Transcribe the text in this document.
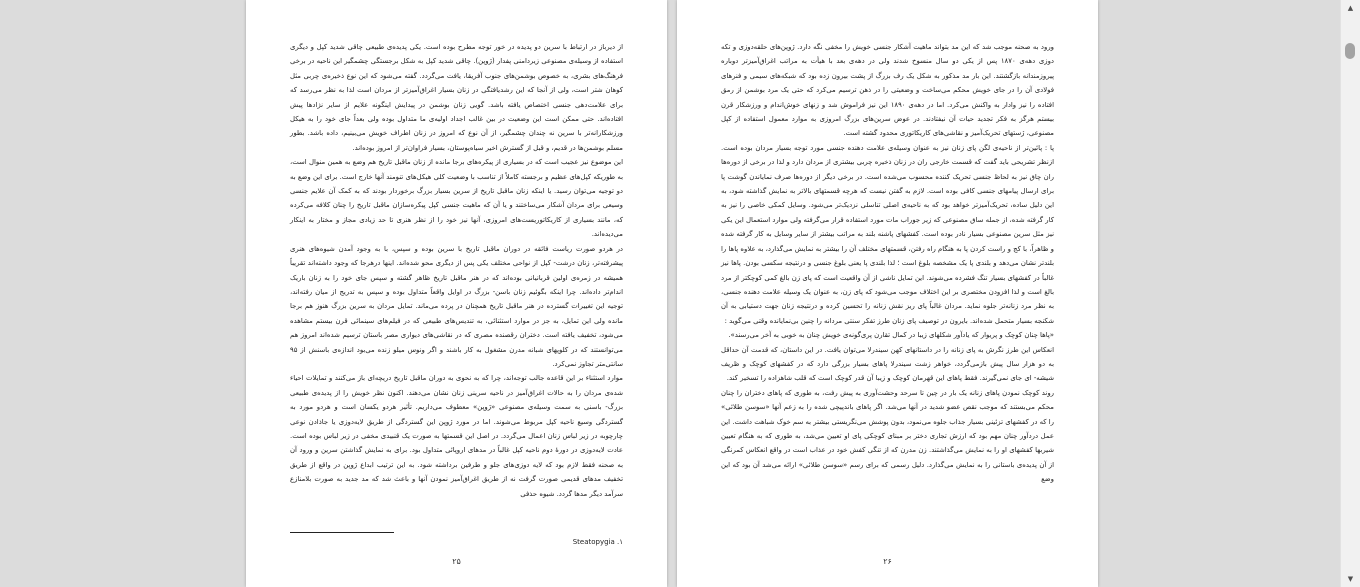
از دیرباز در ارتباط با سرین دو پدیده در خور توجه مطرح بوده است. یکی پدیده‌ی طبیعی چاقی شدید کپل و دیگری استفاده از وسیله‌ی مصنوعی زیردامنی پفدار (ژوپن). چاقی شدید کپل به شکل برجستگی چشمگیر این ناحیه در برخی فرهنگ‌های بشری، به خصوص بوشمن‌های جنوب آفریقا، یافت می‌گردد. گفته می‌شود که این نوع ذخیره‌ی چربی مثل کوهان شتر است، ولی از آنجا که این رشدیافتگی در زنان بسیار اغراق‌آمیزتر از مردان است لذا به نظر می‌رسد که برای علامت‌دهی جنسی اختصاص یافته باشد. گویی زنان بوشمن در پیدایش اینگونه علایم از سایر نژادها پیش افتاده‌اند. حتی ممکن است این وضعیت در بین غالب اجداد اولیه‌ی ما متداول بوده ولی بعداً جای خود را به هیکل ورزشکارانه‌تر با سرین نه چندان چشمگیر، از آن نوع که امروز در زنان اطراف خویش می‌بینیم، داده باشد. بطور مسلم بوشمن‌ها در قدیم، و قبل از گسترش اخیر سیاه‌پوستان، بسیار فراوان‌تر از امروز بوده‌اند.

این موضوع نیز عجیب است که در بسیاری از پیکره‌های برجا مانده از زنان ماقبل تاریخ هم وضع به همین منوال است، به طوریکه کپل‌های عظیم و برجسته کاملاً از تناسب با وضعیت کلی هیکل‌های تنومند آنها خارج است. برای این وضع به دو توجیه می‌توان رسید. یا اینکه زنان ماقبل تاریخ از سرین بسیار بزرگ برخوردار بودند که به کمک آن علایم جنسی وسیعی برای مردان آشکار می‌ساختند و یا آن که ماهیت جنسی کپل پیکره‌سازان ماقبل تاریخ را چنان کلافه می‌کرده که، مانند بسیاری از کاریکاتوریست‌های امروزی، آنها نیز خود را از نظر هنری تا حد زیادی مجاز و مختار به اینکار می‌دیده‌اند.

در هردو صورت ریاست فائقه در دوران ماقبل تاریخ با سرین بوده و سپس، با به وجود آمدن شیوه‌های هنری پیشرفته‌تر، زنان درشت- کپل از نواحی مختلف یکی پس از دیگری محو شده‌اند. اینها درهرجا که وجود داشته‌اند تقریباً همیشه در زمره‌ی اولین قربانیانی بوده‌اند که در هنر ماقبل تاریخ ظاهر گشته و سپس جای خود را به زنان باریک اندام‌تر داده‌اند. چرا اینکه بگوئیم زنان باسن- بزرگ در اوایل واقعاً متداول بوده و سپس به تدریج از میان رفته‌اند، توجیه این تغییرات گسترده در هنر ماقبل تاریخ همچنان در پرده می‌ماند. تمایل مردان به سرین بزرگ هنوز هم برجا مانده ولی این تمایل، به جز در موارد استثنائی، به تندیس‌های طبیعی که در فیلم‌های سینمائی قرن بیستم مشاهده می‌شود، تخفیف یافته است. دختران رقصنده مصری که در نقاشی‌های دیواری مصر باستان ترسیم شده‌اند امروز هم می‌توانستند که در کلوپهای شبانه مدرن مشغول به کار باشند و اگر ونوس میلو زنده می‌بود اندازه‌ی باسنش از ۹۵ سانتی‌متر تجاوز نمی‌کرد.

موارد استثناء بر این قاعده جالب توجه‌اند، چرا که به نحوی به دوران ماقبل تاریخ دریچه‌ای باز می‌کنند و تمایلات احیاء شده‌ی مردان را به حالات اغراق‌آمیز در ناحیه سرینی زنان نشان می‌دهند. اکنون نظر خویش را از پدیده‌ی طبیعی بزرگ- باسنی به سمت وسیله‌ی مصنوعی «ژوپن» معطوف می‌داریم. تأثیر هردو یکسان است و هردو مورد به گستردگی وسیع ناحیه کپل مربوط می‌شوند. اما در مورد ژوپن این گستردگی از طریق لایه‌دوزی یا جاذادن نوعی چارچوبه در زیر لباس زنان اعمال می‌گردد. در اصل این قسمتها به صورت یک قنبیدی مخفی در زیر لباس بوده است. عادت لایه‌دوزی در دورهٔ دوم ناحیه کپل غالباً در مدهای اروپائی متداول بود. برای به نمایش گذاشتن سرین و ورود آن به صحنه فقط لازم بود که لایه دوزی‌های جلو و طرفین برداشته شود. به این ترتیب ابداع ژوپن در واقع از طریق تخفیف مدهای قدیمی صورت گرفت نه از طریق اغراق‌آمیز نمودن آنها و باعث شد که مد جدید به صورت بلامنازع سرآمد دیگر مدها گردد. شیوه حذفی

۱. Steatopygia
۲۵

ورود به صحنه موجب شد که این مد بتواند ماهیت آشکار جنسی خویش را مخفی نگه دارد. ژوپن‌های حلقه‌دوزی و تکه دوزی دهه‌ی ۱۸۷۰ پس از یکی دو سال منسوخ شدند ولی در دهه‌ی بعد با هیأت به مراتب اغراق‌آمیزتر دوباره پیروزمندانه بازگشتند. این بار مد مذکور به شکل یک رف بزرگ از پشت بیرون زده بود که شبکه‌های سیمی و فنرهای فولادی آن را در جای خویش محکم می‌ساخت و وضعیتی را در ذهن ترسیم می‌کرد که حتی یک مرد بوشمن از رمق افتاده را نیز وادار به واکنش می‌کرد. اما در دهه‌ی ۱۸۹۰ این نیز فراموش شد و زنهای خوش‌اندام و ورزشکار قرن بیستم هرگز به فکر تجدید حیات آن نیفتادند. در عوض سرین‌های بزرگ امروزی به موارد معمول استفاده از کپل مصنوعی، ژستهای تحریک‌آمیز و نقاشی‌های کاریکاتوری محدود گشته است.

پا : پائین‌تر از ناحیه‌ی لگن پای زنان نیز به عنوان وسیله‌ی علامت دهنده جنسی مورد توجه بسیار مردان بوده است. ازنظر تشریحی باید گفت که قسمت خارجی ران در زنان ذخیره چربی بیشتری از مردان دارد و لذا در برخی از دوره‌ها ران چاق نیز به لحاظ جنسی تحریک کننده محسوب می‌شده است. در برخی دیگر از دوره‌ها صرف نمایاندن گوشت پا برای ارسال پیامهای جنسی کافی بوده است. لازم به گفتن نیست که هرچه قسمتهای بالاتر به نمایش گذاشته شود، به این دلیل ساده، تحریک‌آمیزتر خواهد بود که به ناحیه‌ی اصلی تناسلی نزدیک‌تر می‌شود. وسایل کمکی خاصی را نیز به کار گرفته شده، از جمله ساق مصنوعی که زیر جوراب مات مورد استفاده قرار می‌گرفته ولی موارد استعمال این یکی نیز مثل سرین مصنوعی بسیار نادر بوده است. کفشهای پاشنه بلند به مراتب بیشتر از سایر وسایل به کار گرفته شده و ظاهراً، با کج و راست کردن پا به هنگام راه رفتن، قسمتهای مختلف آن را بیشتر به نمایش می‌گذارد، به علاوه پاها را بلندتر نشان می‌دهد و بلندی پا یک مشخصه بلوغ است ؛ لذا بلندی پا یعنی بلوغ جنسی و درنتیجه سکسی بودن. پاها نیز غالباً در کفشهای بسیار تنگ فشرده می‌شوند. این تمایل ناشی از آن واقعیت است که پای زن بالغ کمی کوچکتر از مرد بالغ است و لذا افزودن مختصری بر این اختلاف موجب می‌شود که پای زن، به عنوان یک وسیله علامت دهنده جنسی، به نظر مرد زنانه‌تر جلوه نماید. مردان غالباً پای ریز نقش زنانه را تحسین کرده و درنتیجه زنان جهت دستیابی به آن شکنجه بسیار متحمل شده‌اند. بایرون در توصیف پای زنان طرز تفکر سنتی مردانه را چنین بی‌نمایانده وقتی می‌گوید :

«پاها چنان کوچک و پریوار که یادآور شکلهای زیبا در کمال تقارن پری‌گونه‌ی خویش چنان به خوبی به آخر می‌رسند».

انعکاس این طرز نگرش به پای زنانه را در داستانهای کهن سیندرلا می‌توان یافت. در این داستان، که قدمت آن حداقل به دو هزار سال پیش بازمی‌گردد، خواهر زشت سیندرلا پاهای بسیار بزرگی دارد که در کفشهای کوچک و ظریف شیشه- ای جای نمی‌گیرند. فقط پاهای این قهرمان کوچک و زیبا آن قدر کوچک است که قلب شاهزاده را تسخیر کند.

روند کوچک نمودن پاهای زنانه یک بار در چین تا سرحد وحشت‌آوری به پیش رفت، به طوری که پاهای دختران را چنان محکم می‌بستند که موجب نقص عضو شدید در آنها می‌شد. اگر پاهای باندپیچی شده را به زعم آنها «سوسن طلائی» را که در کفشهای تزئینی بسیار جذاب جلوه می‌نمود، بدون پوشش می‌نگریستی بیشتر به سم خوک شباهت داشت. این عمل دردآور چنان مهم بود که ارزش تجاری دختر بر مبنای کوچکی پای او تعیین می‌شد، به طوری که به هنگام تعیین شیربها کفشهای او را به نمایش می‌گذاشتند. زن مدرن که از تنگی کفش خود در عذاب است در واقع انعکاس کمرنگی از آن پدیده‌ی باستانی را به نمایش می‌گذارد. دلیل رسمی که برای رسم «سوسن طلائی» ارائه می‌شد آن بود که این وضع

۲۶
▲
▼
